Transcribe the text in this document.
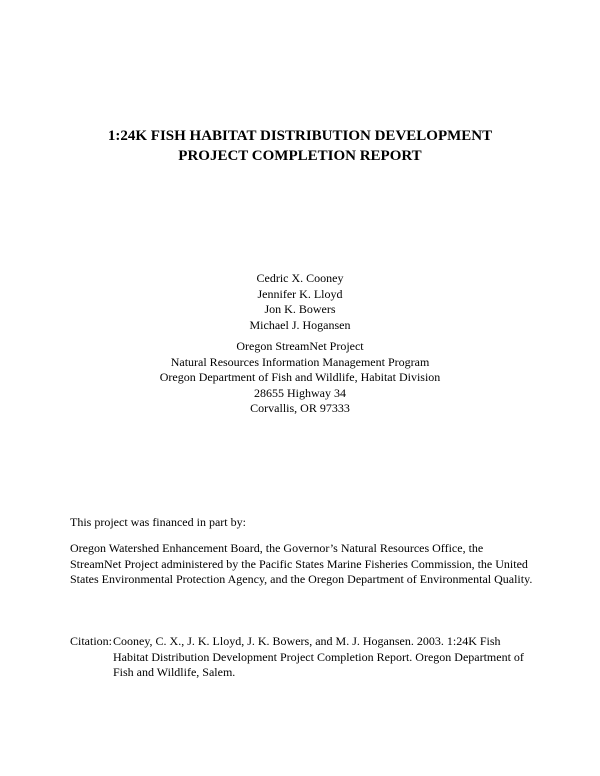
1:24K FISH HABITAT DISTRIBUTION DEVELOPMENT
PROJECT COMPLETION REPORT
Cedric X. Cooney
Jennifer K. Lloyd
Jon K. Bowers
Michael J. Hogansen
Oregon StreamNet Project
Natural Resources Information Management Program
Oregon Department of Fish and Wildlife, Habitat Division
28655 Highway 34
Corvallis, OR 97333
This project was financed in part by:
Oregon Watershed Enhancement Board, the Governor’s Natural Resources Office, the
StreamNet Project administered by the Pacific States Marine Fisheries Commission, the United
States Environmental Protection Agency, and the Oregon Department of Environmental Quality.
Citation: Cooney, C. X., J. K. Lloyd, J. K. Bowers, and M. J. Hogansen. 2003. 1:24K Fish
Habitat Distribution Development Project Completion Report. Oregon Department of
Fish and Wildlife, Salem.
